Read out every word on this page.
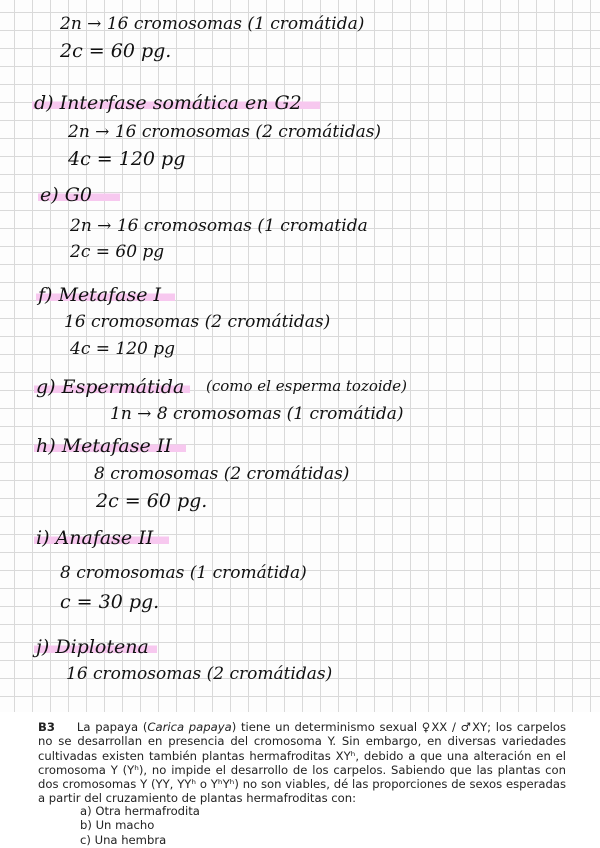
2n → 16 cromosomas (1 cromátida)
2c = 60 pg.
d) Interfase somática en G2
2n → 16 cromosomas (2 cromátidas)
4c = 120 pg
e) G0
2n → 16 cromosomas (1 cromatida
2c = 60 pg
f) Metafase I
16 cromosomas (2 cromátidas)
4c = 120 pg
g) Espermátida	(como el esperma tozoide)
1n → 8 cromosomas (1 cromátida)
h) Metafase II
8 cromosomas (2 cromátidas)
2c = 60 pg.
i) Anafase II
8 cromosomas (1 cromátida)
c = 30 pg.
j) Diplotena
16 cromosomas (2 cromátidas)
B3 La papaya (Carica papaya) tiene un determinismo sexual ♀XX / ♂XY; los carpelos no se desarrollan en presencia del cromosoma Y. Sin embargo, en diversas variedades cultivadas existen también plantas hermafroditas XYʰ, debido a que una alteración en el cromosoma Y (Yʰ), no impide el desarrollo de los carpelos. Sabiendo que las plantas con dos cromosomas Y (YY, YYʰ o YʰYʰ) no son viables, dé las proporciones de sexos esperadas a partir del cruzamiento de plantas hermafroditas con:
a) Otra hermafrodita
b) Un macho
c) Una hembra
